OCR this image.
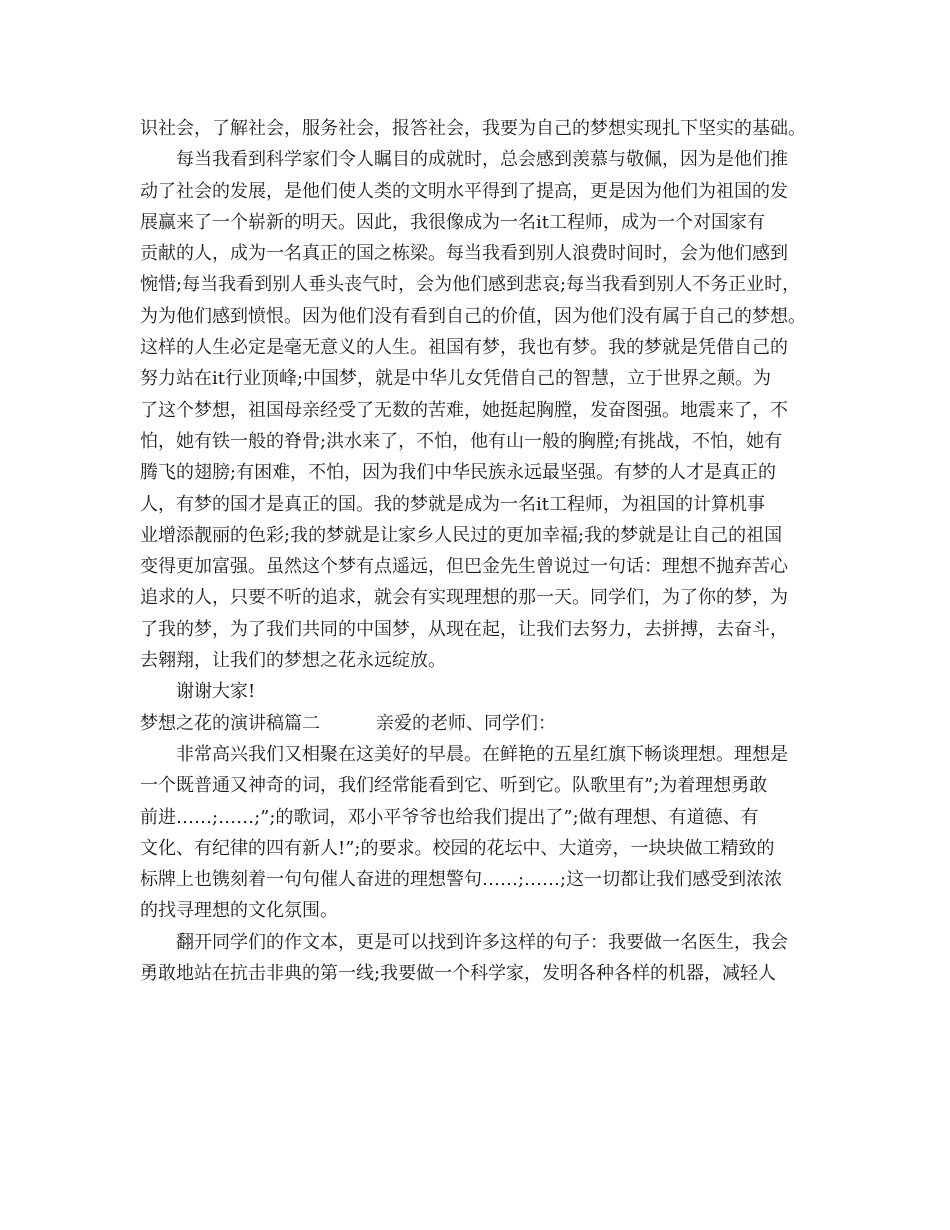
识社会，了解社会，服务社会，报答社会，我要为自己的梦想实现扎下坚实的基础。
每当我看到科学家们令人瞩目的成就时，总会感到羡慕与敬佩，因为是他们推
动了社会的发展，是他们使人类的文明水平得到了提高，更是因为他们为祖国的发
展赢来了一个崭新的明天。因此，我很像成为一名it工程师，成为一个对国家有
贡献的人，成为一名真正的国之栋梁。每当我看到别人浪费时间时，会为他们感到
惋惜;每当我看到别人垂头丧气时，会为他们感到悲哀;每当我看到别人不务正业时，
为为他们感到愤恨。因为他们没有看到自己的价值，因为他们没有属于自己的梦想。
这样的人生必定是毫无意义的人生。祖国有梦，我也有梦。我的梦就是凭借自己的
努力站在it行业顶峰;中国梦，就是中华儿女凭借自己的智慧，立于世界之颠。为
了这个梦想，祖国母亲经受了无数的苦难，她挺起胸膛，发奋图强。地震来了，不
怕，她有铁一般的脊骨;洪水来了，不怕，他有山一般的胸膛;有挑战，不怕，她有
腾飞的翅膀;有困难，不怕，因为我们中华民族永远最坚强。有梦的人才是真正的
人，有梦的国才是真正的国。我的梦就是成为一名it工程师，为祖国的计算机事
业增添靓丽的色彩;我的梦就是让家乡人民过的更加幸福;我的梦就是让自己的祖国
变得更加富强。虽然这个梦有点遥远，但巴金先生曾说过一句话：理想不抛弃苦心
追求的人，只要不听的追求，就会有实现理想的那一天。同学们，为了你的梦，为
了我的梦，为了我们共同的中国梦，从现在起，让我们去努力，去拼搏，去奋斗，
去翱翔，让我们的梦想之花永远绽放。
谢谢大家!
梦想之花的演讲稿篇二	亲爱的老师、同学们：
非常高兴我们又相聚在这美好的早晨。在鲜艳的五星红旗下畅谈理想。理想是
一个既普通又神奇的词，我们经常能看到它、听到它。队歌里有”;为着理想勇敢
前进……;……;”;的歌词，邓小平爷爷也给我们提出了”;做有理想、有道德、有
文化、有纪律的四有新人!”;的要求。校园的花坛中、大道旁，一块块做工精致的
标牌上也镌刻着一句句催人奋进的理想警句……;……;这一切都让我们感受到浓浓
的找寻理想的文化氛围。
翻开同学们的作文本，更是可以找到许多这样的句子：我要做一名医生，我会
勇敢地站在抗击非典的第一线;我要做一个科学家，发明各种各样的机器，减轻人
